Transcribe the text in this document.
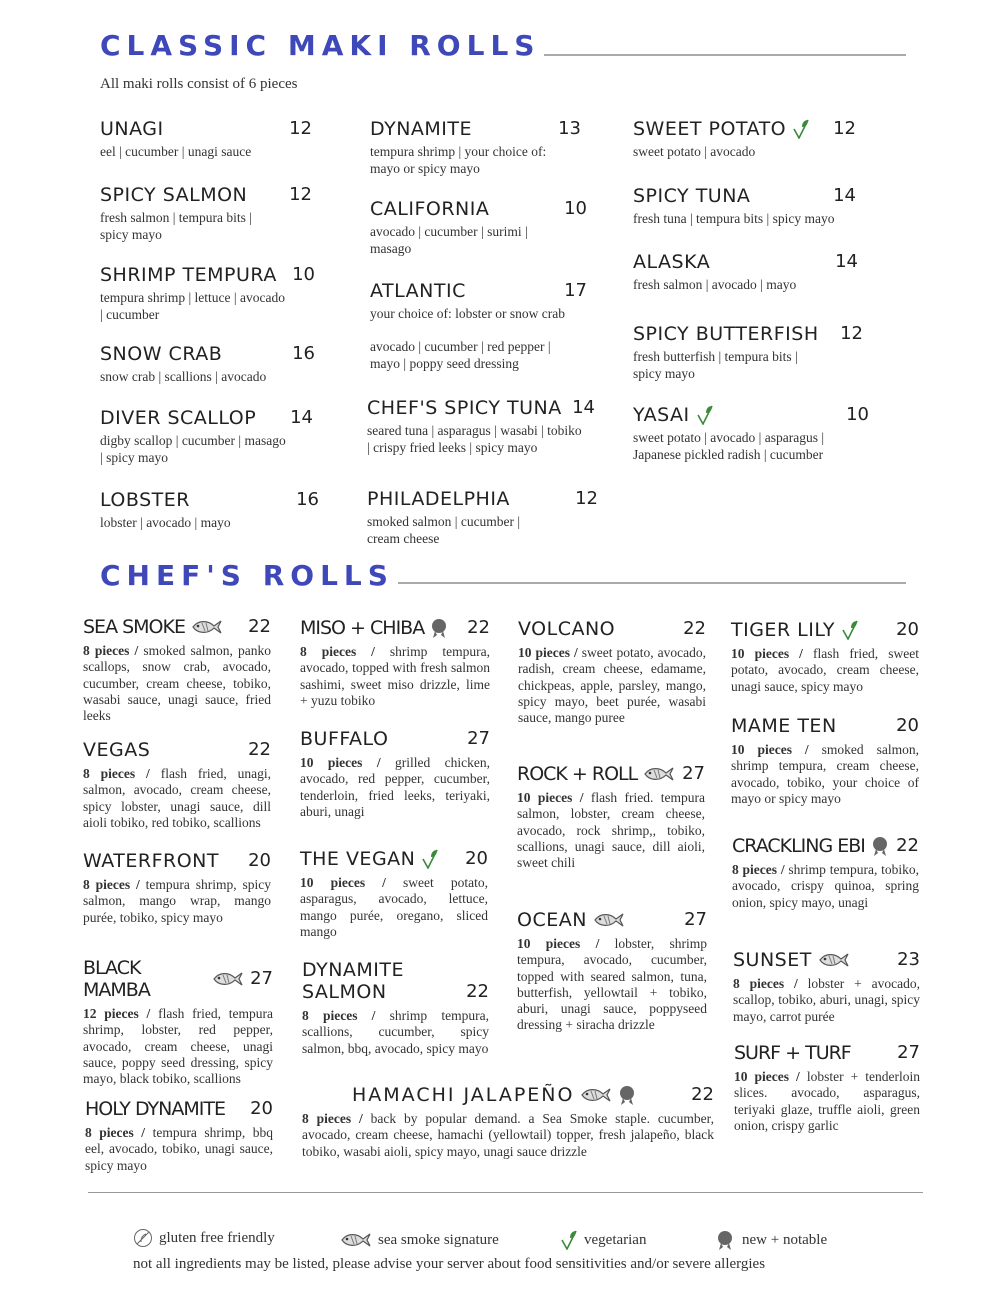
CLASSIC MAKI ROLLS
All maki rolls consist of 6 pieces
CHEF'S ROLLS
UNAGI	12
eel | cucumber | unagi sauce
SPICY SALMON	12
fresh salmon | tempura bits |
spicy mayo
SHRIMP TEMPURA 10
tempura shrimp | lettuce | avocado
| cucumber
SNOW CRAB	16
snow crab | scallions | avocado
DIVER SCALLOP	14
digby scallop | cucumber | masago
| spicy mayo
LOBSTER	16
lobster | avocado | mayo
DYNAMITE	13
tempura shrimp | your choice of:
mayo or spicy mayo
CALIFORNIA	10
avocado | cucumber | surimi |
masago
ATLANTIC	17
your choice of: lobster or snow crab

avocado | cucumber | red pepper |
mayo | poppy seed dressing
CHEF'S SPICY TUNA 14
seared tuna | asparagus | wasabi | tobiko
| crispy fried leeks | spicy mayo
PHILADELPHIA	12
smoked salmon | cucumber |
cream cheese
SWEET POTATO	12
sweet potato | avocado
SPICY TUNA	14
fresh tuna | tempura bits | spicy mayo
ALASKA	14
fresh salmon | avocado | mayo
SPICY BUTTERFISH	12
fresh butterfish | tempura bits |
spicy mayo
YASAI	10
sweet potato | avocado | asparagus |
Japanese pickled radish | cucumber
SEA SMOKE	22
8 pieces / smoked salmon, panko scallops, snow crab, avocado, cucumber, cream cheese, tobiko, wasabi sauce, unagi sauce, fried leeks
VEGAS	22
8 pieces / flash fried, unagi, salmon, avocado, cream cheese, spicy lobster, unagi sauce, dill aioli tobiko, red tobiko, scallions
WATERFRONT	20
8 pieces / tempura shrimp, spicy salmon, mango wrap, mango purée, tobiko, spicy mayo
BLACK MAMBA
27
12 pieces / flash fried, tempura shrimp, lobster, red pepper, avocado, cream cheese, unagi sauce, poppy seed dressing, spicy mayo, black tobiko, scallions
HOLY DYNAMITE	20
8 pieces / tempura shrimp, bbq eel, avocado, tobiko, unagi sauce, spicy mayo
MISO + CHIBA	22
8 pieces / shrimp tempura, avocado, topped with fresh salmon sashimi, sweet miso drizzle, lime + yuzu tobiko
BUFFALO	27
10 pieces / grilled chicken, avocado, red pepper, cucumber, tenderloin, fried leeks, teriyaki, aburi, unagi
THE VEGAN	20
10 pieces / sweet potato, asparagus, avocado, lettuce, mango purée, oregano, sliced mango
DYNAMITE
SALMON	22
8 pieces / shrimp tempura, scallions, cucumber, spicy salmon, bbq, avocado, spicy mayo
HAMACHI JALAPEÑO	22
8 pieces / back by popular demand. a Sea Smoke staple. cucumber, avocado, cream cheese, hamachi (yellowtail) topper, fresh jalapeño, black tobiko, wasabi aioli, spicy mayo, unagi sauce drizzle
VOLCANO	22
10 pieces / sweet potato, avocado, radish, cream cheese, edamame, chickpeas, apple, parsley, mango, spicy mayo, beet purée, wasabi sauce, mango puree
ROCK + ROLL	27
10 pieces / flash fried. tempura salmon, lobster, cream cheese, avocado, rock shrimp,, tobiko, scallions, unagi sauce, dill aioli, sweet chili
OCEAN	27
10 pieces / lobster, shrimp tempura, avocado, cucumber, topped with seared salmon, tuna, butterfish, yellowtail + tobiko, aburi, unagi sauce, poppyseed dressing + siracha drizzle
TIGER LILY	20
10 pieces / flash fried, sweet potato, avocado, cream cheese, unagi sauce, spicy mayo
MAME TEN	20
10 pieces / smoked salmon, shrimp tempura, cream cheese, avocado, tobiko, your choice of mayo or spicy mayo
CRACKLING EBI	22
8 pieces / shrimp tempura, tobiko, avocado, crispy quinoa, spring onion, spicy mayo, unagi
SUNSET	23
8 pieces / lobster + avocado, scallop, tobiko, aburi, unagi, spicy mayo, carrot purée
SURF + TURF	27
10 pieces / lobster + tenderloin slices. avocado, asparagus, teriyaki glaze, truffle aioli, green onion, crispy garlic
gluten free friendly	sea smoke signature	vegetarian	new + notable
not all ingredients may be listed, please advise your server about food sensitivities and/or severe allergies
